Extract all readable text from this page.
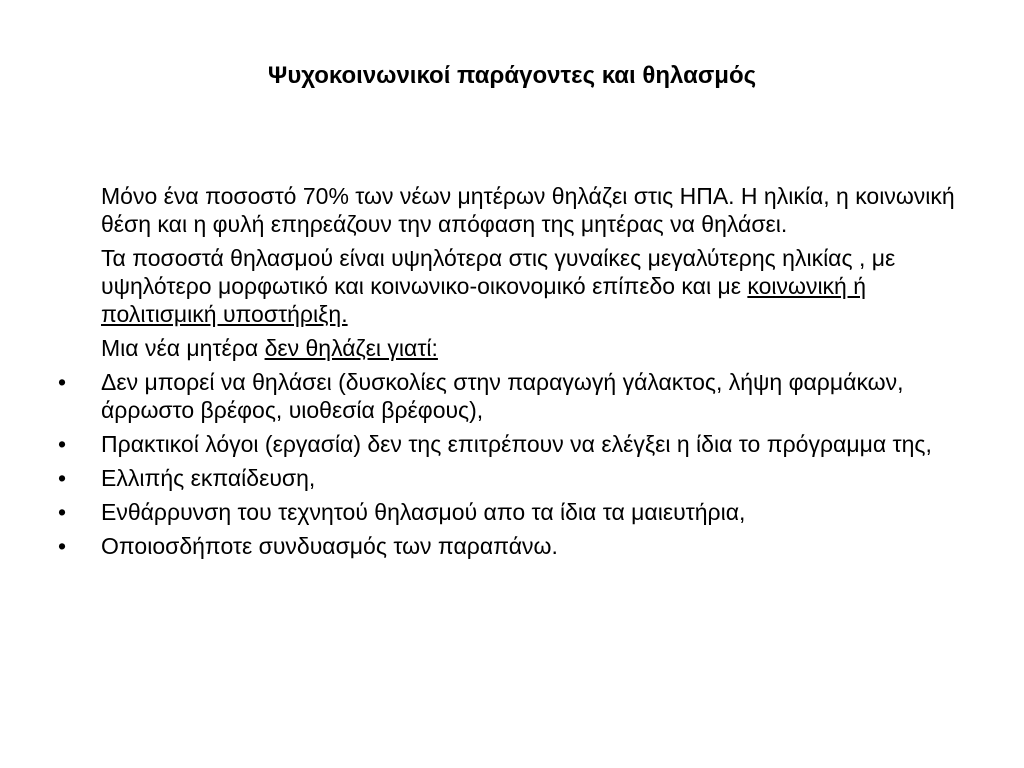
Ψυχοκοινωνικοί παράγοντες και θηλασμός

Μόνο ένα ποσοστό 70% των νέων μητέρων θηλάζει στις ΗΠΑ. Η ηλικία, η κοινωνική θέση και η φυλή επηρεάζουν την απόφαση της μητέρας να θηλάσει.

Τα ποσοστά θηλασμού είναι υψηλότερα στις γυναίκες μεγαλύτερης ηλικίας , με υψηλότερο μορφωτικό και κοινωνικο-οικονομικό επίπεδο και με κοινωνική ή πολιτισμική υποστήριξη.

Μια νέα μητέρα δεν θηλάζει γιατί:

•	Δεν μπορεί να θηλάσει (δυσκολίες στην παραγωγή γάλακτος, λήψη φαρμάκων, άρρωστο βρέφος, υιοθεσία βρέφους),

•	Πρακτικοί λόγοι (εργασία) δεν της επιτρέπουν να ελέγξει η ίδια το πρόγραμμα της,

•	Ελλιπής εκπαίδευση,

•	Ενθάρρυνση του τεχνητού θηλασμού απο τα ίδια τα μαιευτήρια,

•	Οποιοσδήποτε συνδυασμός των παραπάνω.
